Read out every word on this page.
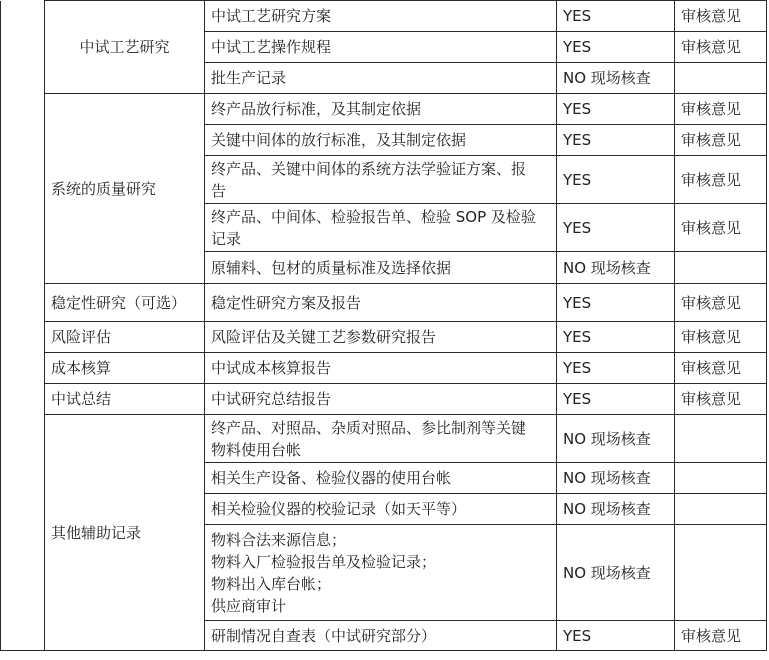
	中试工艺研究	中试工艺研究方案	YES	审核意见

		中试工艺操作规程	YES	审核意见

		批生产记录	NO 现场核查	
	系统的质量研究	终产品放行标准，及其制定依据	YES	审核意见

		关键中间体的放行标准，及其制定依据	YES	审核意见

		终产品、关键中间体的系统方法学验证方案、报
告	YES	审核意见

		终产品、中间体、检验报告单、检验 SOP 及检验
记录	YES	审核意见

		原辅料、包材的质量标准及选择依据	NO 现场核查	
	稳定性研究（可选）	稳定性研究方案及报告	YES	审核意见
	风险评估	风险评估及关键工艺参数研究报告	YES	审核意见
	成本核算	中试成本核算报告	YES	审核意见
	中试总结	中试研究总结报告	YES	审核意见
	其他辅助记录	终产品、对照品、杂质对照品、参比制剂等关键
物料使用台帐	NO 现场核查	

		相关生产设备、检验仪器的使用台帐	NO 现场核查	

		相关检验仪器的校验记录（如天平等）	NO 现场核查	

		物料合法来源信息；
物料入厂检验报告单及检验记录；
物料出入库台帐；
供应商审计	NO 现场核查	

		研制情况自查表（中试研究部分）	YES	审核意见
